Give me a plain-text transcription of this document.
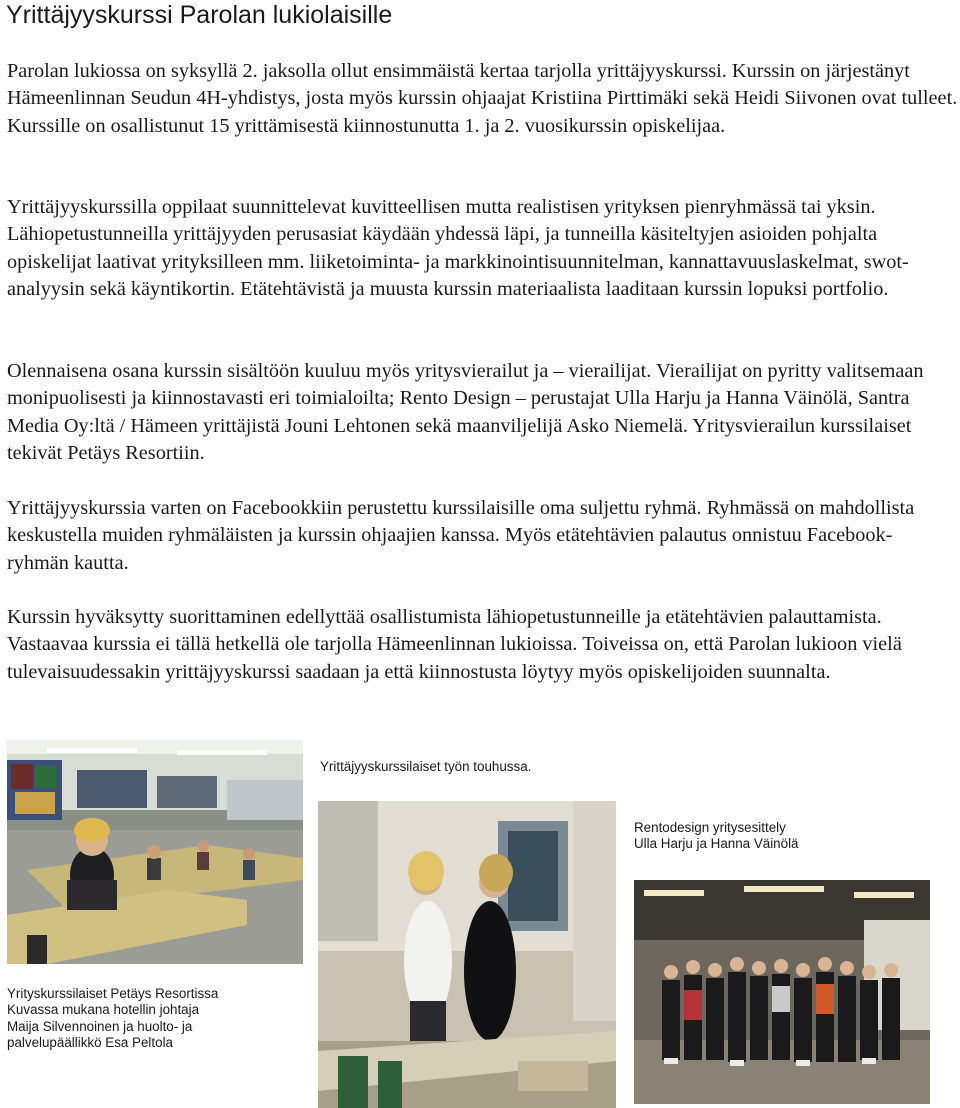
Yrittäjyyskurssi Parolan lukiolaisille

Parolan lukiossa on syksyllä 2. jaksolla ollut ensimmäistä kertaa tarjolla yrittäjyyskurssi. Kurssin on järjestänyt Hämeenlinnan Seudun 4H-yhdistys, josta myös kurssin ohjaajat Kristiina Pirttimäki sekä Heidi Siivonen ovat tulleet. Kurssille on osallistunut 15 yrittämisestä kiinnostunutta 1. ja 2. vuosikurssin opiskelijaa.

Yrittäjyyskurssilla oppilaat suunnittelevat kuvitteellisen mutta realistisen yrityksen pienryhmässä tai yksin. Lähiopetustunneilla yrittäjyyden perusasiat käydään yhdessä läpi, ja tunneilla käsiteltyjen asioiden pohjalta opiskelijat laativat yrityksilleen mm. liiketoiminta- ja markkinointisuunnitelman, kannattavuuslaskelmat, swot-analyysin sekä käyntikortin. Etätehtävistä ja muusta kurssin materiaalista laaditaan kurssin lopuksi portfolio.

Olennaisena osana kurssin sisältöön kuuluu myös yritysvierailut ja – vierailijat. Vierailijat on pyritty valitsemaan monipuolisesti ja kiinnostavasti eri toimialoilta; Rento Design – perustajat Ulla Harju ja Hanna Väinölä, Santra Media Oy:ltä / Hämeen yrittäjistä Jouni Lehtonen sekä maanviljelijä Asko Niemelä. Yritysvierailun kurssilaiset tekivät Petäys Resortiin.

Yrittäjyyskurssia varten on Facebookkiin perustettu kurssilaisille oma suljettu ryhmä. Ryhmässä on mahdollista keskustella muiden ryhmäläisten ja kurssin ohjaajien kanssa. Myös etätehtävien palautus onnistuu Facebook- ryhmän kautta.

Kurssin hyväksytty suorittaminen edellyttää osallistumista lähiopetustunneille ja etätehtävien palauttamista. Vastaavaa kurssia ei tällä hetkellä ole tarjolla Hämeenlinnan lukioissa. Toiveissa on, että Parolan lukioon vielä tulevaisuudessakin yrittäjyyskurssi saadaan ja että kiinnostusta löytyy myös opiskelijoiden suunnalta.

Yrittäjyyskurssilaiset työn touhussa.

Rentodesign yritysesittely
Ulla Harju ja Hanna Väinölä

Yrityskurssilaiset Petäys Resortissa
Kuvassa mukana hotellin johtaja
Maija Silvennoinen ja huolto- ja
palvelupäällikkö Esa Peltola
